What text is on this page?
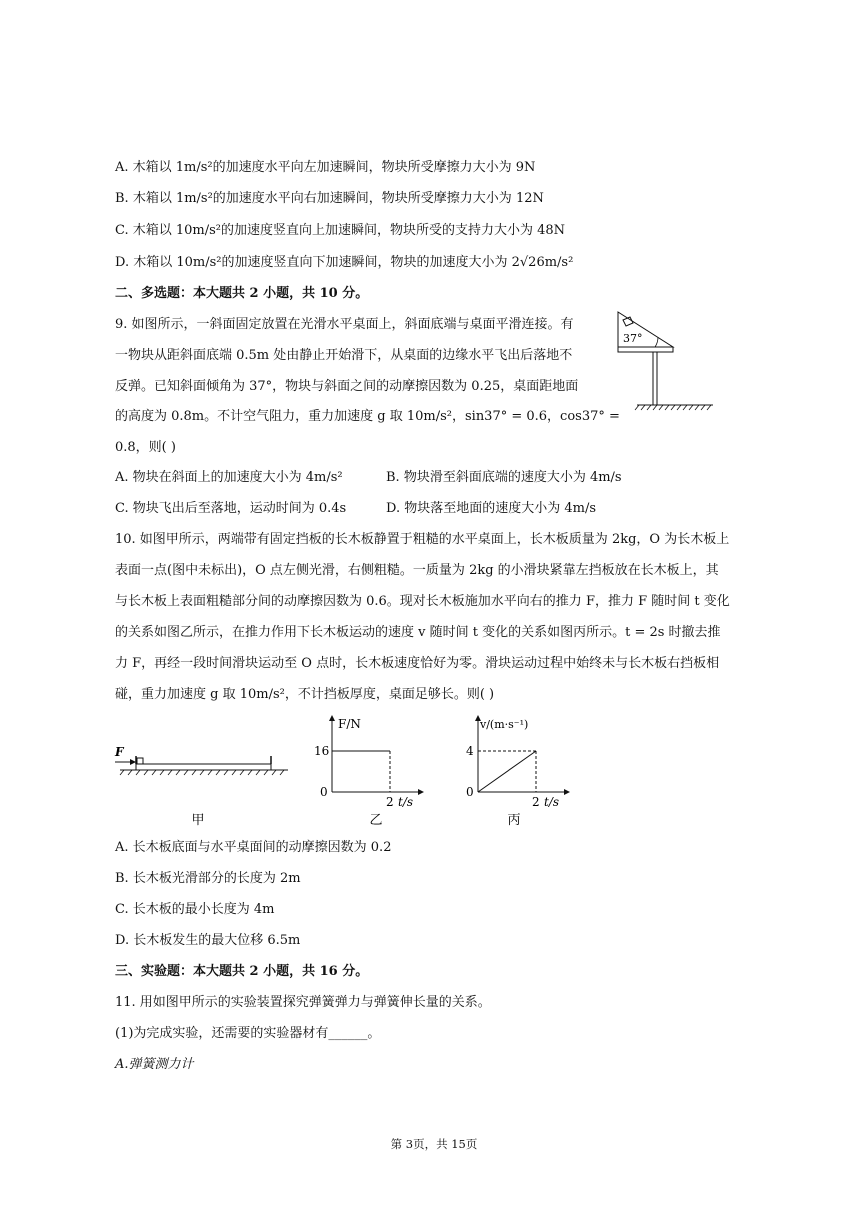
A. 木箱以 1m/s²的加速度水平向左加速瞬间，物块所受摩擦力大小为 9N
B. 木箱以 1m/s²的加速度水平向右加速瞬间，物块所受摩擦力大小为 12N
C. 木箱以 10m/s²的加速度竖直向上加速瞬间，物块所受的支持力大小为 48N
D. 木箱以 10m/s²的加速度竖直向下加速瞬间，物块的加速度大小为 2√26m/s²
二、多选题：本大题共 2 小题，共 10 分。
9. 如图所示，一斜面固定放置在光滑水平桌面上，斜面底端与桌面平滑连接。有
一物块从距斜面底端 0.5m 处由静止开始滑下，从桌面的边缘水平飞出后落地不
反弹。已知斜面倾角为 37°，物块与斜面之间的动摩擦因数为 0.25，桌面距地面
的高度为 0.8m。不计空气阻力，重力加速度 g 取 10m/s²，sin37° = 0.6，cos37° =
0.8，则( )
37°
A. 物块在斜面上的加速度大小为 4m/s²	B. 物块滑至斜面底端的速度大小为 4m/s
C. 物块飞出后至落地，运动时间为 0.4s	D. 物块落至地面的速度大小为 4m/s
10. 如图甲所示，两端带有固定挡板的长木板静置于粗糙的水平桌面上，长木板质量为 2kg，O 为长木板上
表面一点(图中未标出)，O 点左侧光滑，右侧粗糙。一质量为 2kg 的小滑块紧靠左挡板放在长木板上，其
与长木板上表面粗糙部分间的动摩擦因数为 0.6。现对长木板施加水平向右的推力 F，推力 F 随时间 t 变化
的关系如图乙所示，在推力作用下长木板运动的速度 v 随时间 t 变化的关系如图丙所示。t = 2s 时撤去推
力 F，再经一段时间滑块运动至 O 点时，长木板速度恰好为零。滑块运动过程中始终未与长木板右挡板相
碰，重力加速度 g 取 10m/s²，不计挡板厚度，桌面足够长。则( )
F
甲
F/N
t/s
0
16
2
乙
v/(m·s⁻¹)
t/s
0
4
2
丙
A. 长木板底面与水平桌面间的动摩擦因数为 0.2
B. 长木板光滑部分的长度为 2m
C. 长木板的最小长度为 4m
D. 长木板发生的最大位移 6.5m
三、实验题：本大题共 2 小题，共 16 分。
11. 用如图甲所示的实验装置探究弹簧弹力与弹簧伸长量的关系。
(1)为完成实验，还需要的实验器材有______。
A.弹簧测力计
第 3页，共 15页
